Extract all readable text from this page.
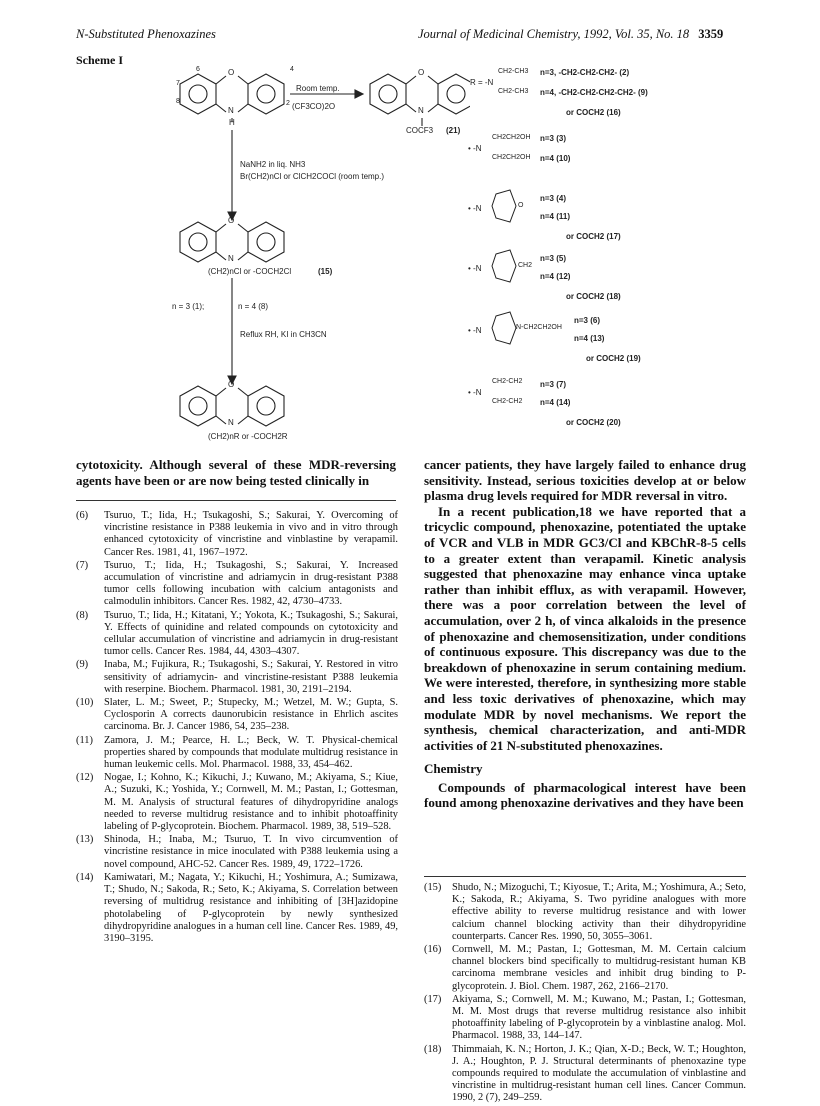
N-Substituted Phenoxazines	Journal of Medicinal Chemistry, 1992, Vol. 35, No. 18 3359
Scheme I
O
N
H
7
8
6	4
2
Room temp.
(CF3CO)2O
O
N
COCF3 (21)
NaNH2 in liq. NH3
Br(CH2)nCl or ClCH2COCl (room temp.)
O
N
(CH2)nCl or -COCH2Cl	(15)
n = 3 (1);	n = 4 (8)
Reflux RH, KI in CH3CN
O
N
(CH2)nR or -COCH2R
R = -N
CH2-CH3
CH2-CH3
n=3, -CH2-CH2-CH2- (2)
n=4, -CH2-CH2-CH2-CH2- (9)
or COCH2 (16)
• -N
CH2CH2OH
CH2CH2OH
n=3 (3)
n=4 (10)
• -N	O
n=3 (4)
n=4 (11)
or COCH2 (17)
• -N	CH2
n=3 (5)
n=4 (12)
or COCH2 (18)
• -N	N-CH2CH2OH
n=3 (6)
n=4 (13)
or COCH2 (19)
• -N
CH2-CH2
CH2-CH2
n=3 (7)
n=4 (14)
or COCH2 (20)
cytotoxicity. Although several of these MDR-reversing agents have been or are now being tested clinically in
(6)	Tsuruo, T.; Iida, H.; Tsukagoshi, S.; Sakurai, Y. Overcoming of vincristine resistance in P388 leukemia in vivo and in vitro through enhanced cytotoxicity of vincristine and vinblastine by verapamil. Cancer Res. 1981, 41, 1967–1972.
(7)	Tsuruo, T.; Iida, H.; Tsukagoshi, S.; Sakurai, Y. Increased accumulation of vincristine and adriamycin in drug-resistant P388 tumor cells following incubation with calcium antagonists and calmodulin inhibitors. Cancer Res. 1982, 42, 4730–4733.
(8)	Tsuruo, T.; Iida, H.; Kitatani, Y.; Yokota, K.; Tsukagoshi, S.; Sakurai, Y. Effects of quinidine and related compounds on cytotoxicity and cellular accumulation of vincristine and adriamycin in drug-resistant tumor cells. Cancer Res. 1984, 44, 4303–4307.
(9)	Inaba, M.; Fujikura, R.; Tsukagoshi, S.; Sakurai, Y. Restored in vitro sensitivity of adriamycin- and vincristine-resistant P388 leukemia with reserpine. Biochem. Pharmacol. 1981, 30, 2191–2194.
(10)	Slater, L. M.; Sweet, P.; Stupecky, M.; Wetzel, M. W.; Gupta, S. Cyclosporin A corrects daunorubicin resistance in Ehrlich ascites carcinoma. Br. J. Cancer 1986, 54, 235–238.
(11)	Zamora, J. M.; Pearce, H. L.; Beck, W. T. Physical-chemical properties shared by compounds that modulate multidrug resistance in human leukemic cells. Mol. Pharmacol. 1988, 33, 454–462.
(12)	Nogae, I.; Kohno, K.; Kikuchi, J.; Kuwano, M.; Akiyama, S.; Kiue, A.; Suzuki, K.; Yoshida, Y.; Cornwell, M. M.; Pastan, I.; Gottesman, M. M. Analysis of structural features of dihydropyridine analogs needed to reverse multidrug resistance and to inhibit photoaffinity labeling of P-glycoprotein. Biochem. Pharmacol. 1989, 38, 519–528.
(13)	Shinoda, H.; Inaba, M.; Tsuruo, T. In vivo circumvention of vincristine resistance in mice inoculated with P388 leukemia using a novel compound, AHC-52. Cancer Res. 1989, 49, 1722–1726.
(14)	Kamiwatari, M.; Nagata, Y.; Kikuchi, H.; Yoshimura, A.; Sumizawa, T.; Shudo, N.; Sakoda, R.; Seto, K.; Akiyama, S. Correlation between reversing of multidrug resistance and inhibiting of [3H]azidopine photolabeling of P-glycoprotein by newly synthesized dihydropyridine analogues in a human cell line. Cancer Res. 1989, 49, 3190–3195.
cancer patients, they have largely failed to enhance drug sensitivity. Instead, serious toxicities develop at or below plasma drug levels required for MDR reversal in vitro.
In a recent publication,18 we have reported that a tricyclic compound, phenoxazine, potentiated the uptake of VCR and VLB in MDR GC3/Cl and KBChR-8-5 cells to a greater extent than verapamil. Kinetic analysis suggested that phenoxazine may enhance vinca uptake rather than inhibit efflux, as with verapamil. However, there was a poor correlation between the level of accumulation, over 2 h, of vinca alkaloids in the presence of phenoxazine and chemosensitization, under conditions of continuous exposure. This discrepancy was due to the breakdown of phenoxazine in serum containing medium. We were interested, therefore, in synthesizing more stable and less toxic derivatives of phenoxazine, which may modulate MDR by novel mechanisms. We report the synthesis, chemical characterization, and anti-MDR activities of 21 N-substituted phenoxazines.
Chemistry
Compounds of pharmacological interest have been found among phenoxazine derivatives and they have been
(15)	Shudo, N.; Mizoguchi, T.; Kiyosue, T.; Arita, M.; Yoshimura, A.; Seto, K.; Sakoda, R.; Akiyama, S. Two pyridine analogues with more effective ability to reverse multidrug resistance and with lower calcium channel blocking activity than their dihydropyridine counterparts. Cancer Res. 1990, 50, 3055–3061.
(16)	Cornwell, M. M.; Pastan, I.; Gottesman, M. M. Certain calcium channel blockers bind specifically to multidrug-resistant human KB carcinoma membrane vesicles and inhibit drug binding to P-glycoprotein. J. Biol. Chem. 1987, 262, 2166–2170.
(17)	Akiyama, S.; Cornwell, M. M.; Kuwano, M.; Pastan, I.; Gottesman, M. M. Most drugs that reverse multidrug resistance also inhibit photoaffinity labeling of P-glycoprotein by a vinblastine analog. Mol. Pharmacol. 1988, 33, 144–147.
(18)	Thimmaiah, K. N.; Horton, J. K.; Qian, X-D.; Beck, W. T.; Houghton, J. A.; Houghton, P. J. Structural determinants of phenoxazine type compounds required to modulate the accumulation of vinblastine and vincristine in multidrug-resistant human cell lines. Cancer Commun. 1990, 2 (7), 249–259.
